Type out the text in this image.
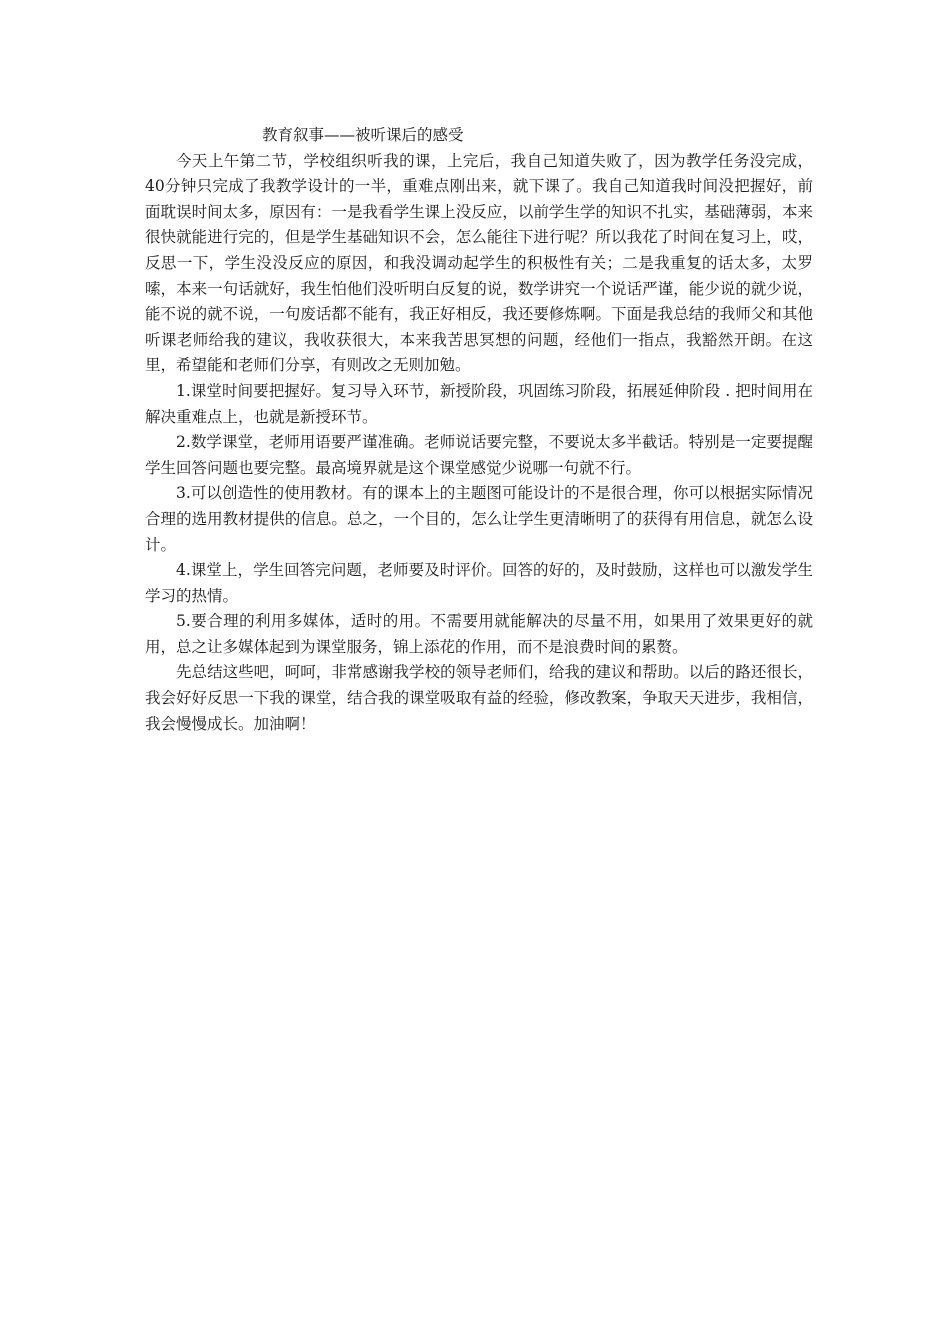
教育叙事——被听课后的感受

今天上午第二节，学校组织听我的课，上完后，我自己知道失败了，因为教学任务没完成，40分钟只完成了我教学设计的一半，重难点刚出来，就下课了。我自己知道我时间没把握好，前面耽误时间太多，原因有：一是我看学生课上没反应，以前学生学的知识不扎实，基础薄弱，本来很快就能进行完的，但是学生基础知识不会，怎么能往下进行呢？所以我花了时间在复习上，哎，反思一下，学生没没反应的原因，和我没调动起学生的积极性有关；二是我重复的话太多，太罗嗦，本来一句话就好，我生怕他们没听明白反复的说，数学讲究一个说话严谨，能少说的就少说，能不说的就不说，一句废话都不能有，我正好相反，我还要修炼啊。下面是我总结的我师父和其他听课老师给我的建议，我收获很大，本来我苦思冥想的问题，经他们一指点，我豁然开朗。在这里，希望能和老师们分享，有则改之无则加勉。

1.课堂时间要把握好。复习导入环节，新授阶段，巩固练习阶段，拓展延伸阶段 . 把时间用在解决重难点上，也就是新授环节。

2.数学课堂，老师用语要严谨准确。老师说话要完整，不要说太多半截话。特别是一定要提醒学生回答问题也要完整。最高境界就是这个课堂感觉少说哪一句就不行。

3.可以创造性的使用教材。有的课本上的主题图可能设计的不是很合理，你可以根据实际情况合理的选用教材提供的信息。总之，一个目的，怎么让学生更清晰明了的获得有用信息，就怎么设计。

4.课堂上，学生回答完问题，老师要及时评价。回答的好的，及时鼓励，这样也可以激发学生学习的热情。

5.要合理的利用多媒体，适时的用。不需要用就能解决的尽量不用，如果用了效果更好的就用，总之让多媒体起到为课堂服务，锦上添花的作用，而不是浪费时间的累赘。

先总结这些吧，呵呵，非常感谢我学校的领导老师们，给我的建议和帮助。以后的路还很长，我会好好反思一下我的课堂，结合我的课堂吸取有益的经验，修改教案，争取天天进步，我相信，我会慢慢成长。加油啊！
